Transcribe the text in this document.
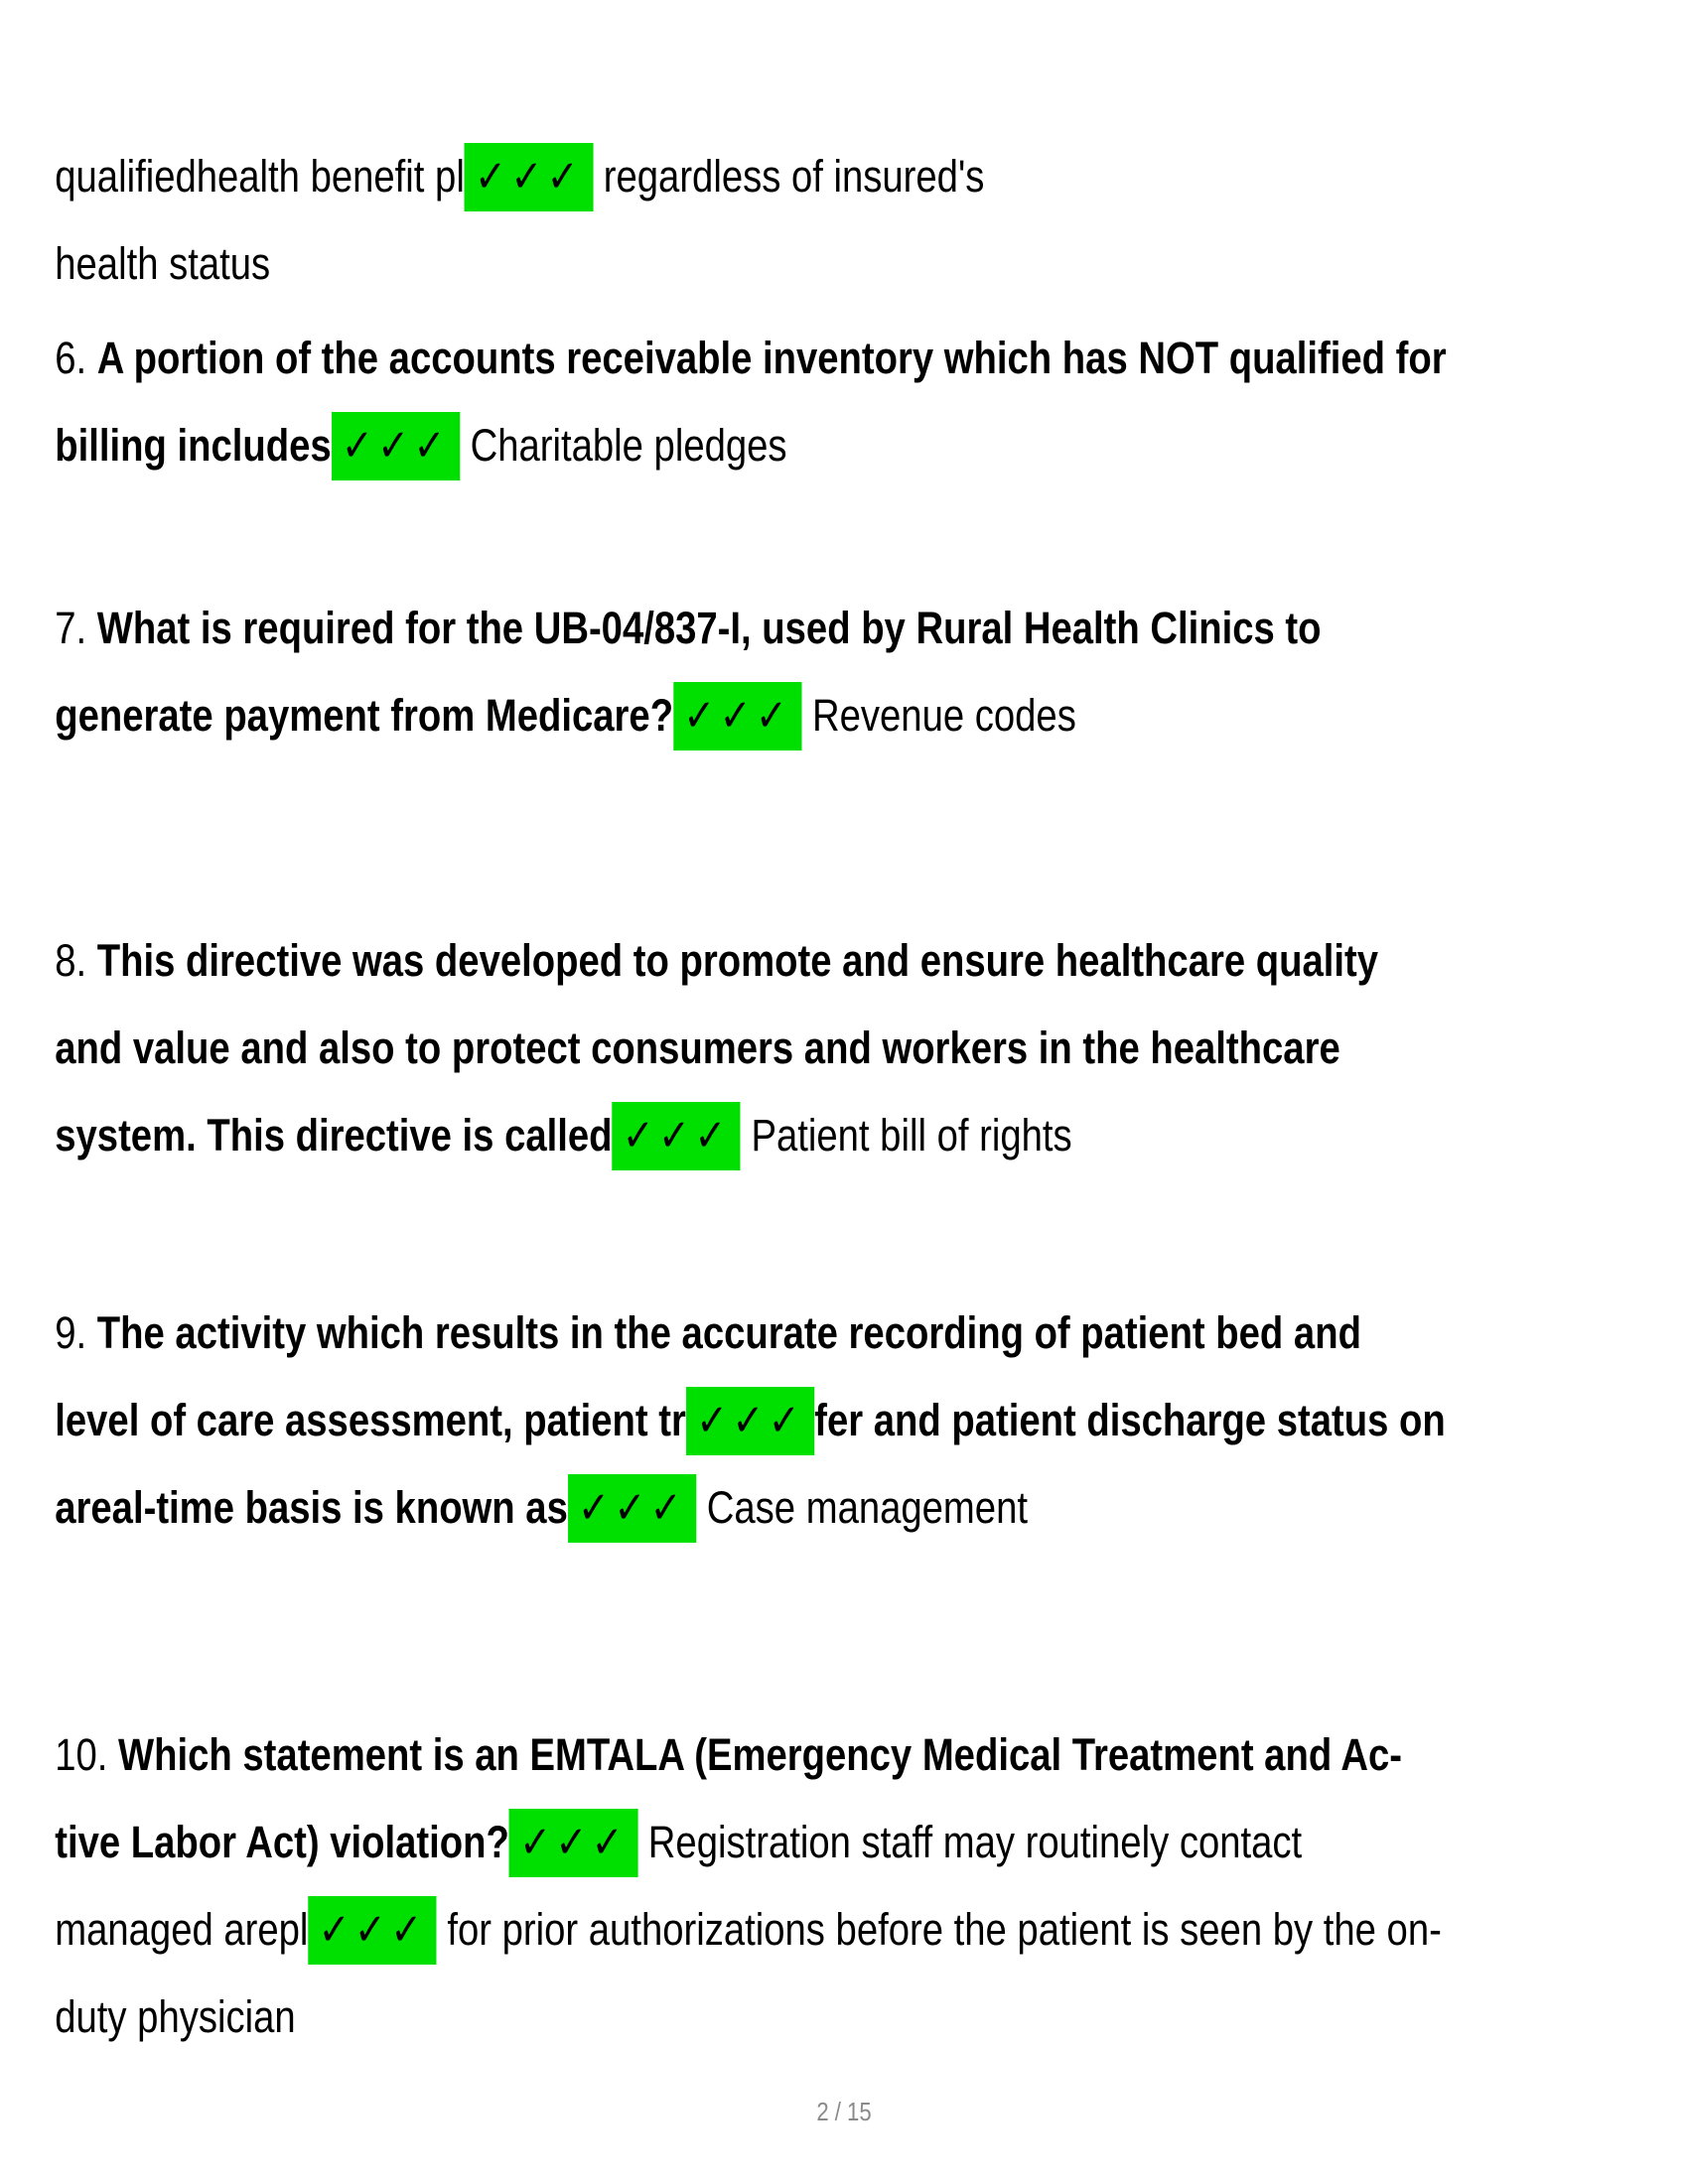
qualifiedhealth benefit pl ✓✓✓ regardless of insured's
health status

6. A portion of the accounts receivable inventory which has NOT qualified for
billing includes ✓✓✓ Charitable pledges

7. What is required for the UB-04/837-I, used by Rural Health Clinics to
generate payment from Medicare? ✓✓✓ Revenue codes

8. This directive was developed to promote and ensure healthcare quality
and value and also to protect consumers and workers in the healthcare
system. This directive is called ✓✓✓ Patient bill of rights

9. The activity which results in the accurate recording of patient bed and
level of care assessment, patient tr ✓✓✓ fer and patient discharge status on
areal-time basis is known as ✓✓✓ Case management

10. Which statement is an EMTALA (Emergency Medical Treatment and Ac-
tive Labor Act) violation? ✓✓✓ Registration staff may routinely contact
managed arepl ✓✓✓ for prior authorizations before the patient is seen by the on-
duty physician

2 / 15
